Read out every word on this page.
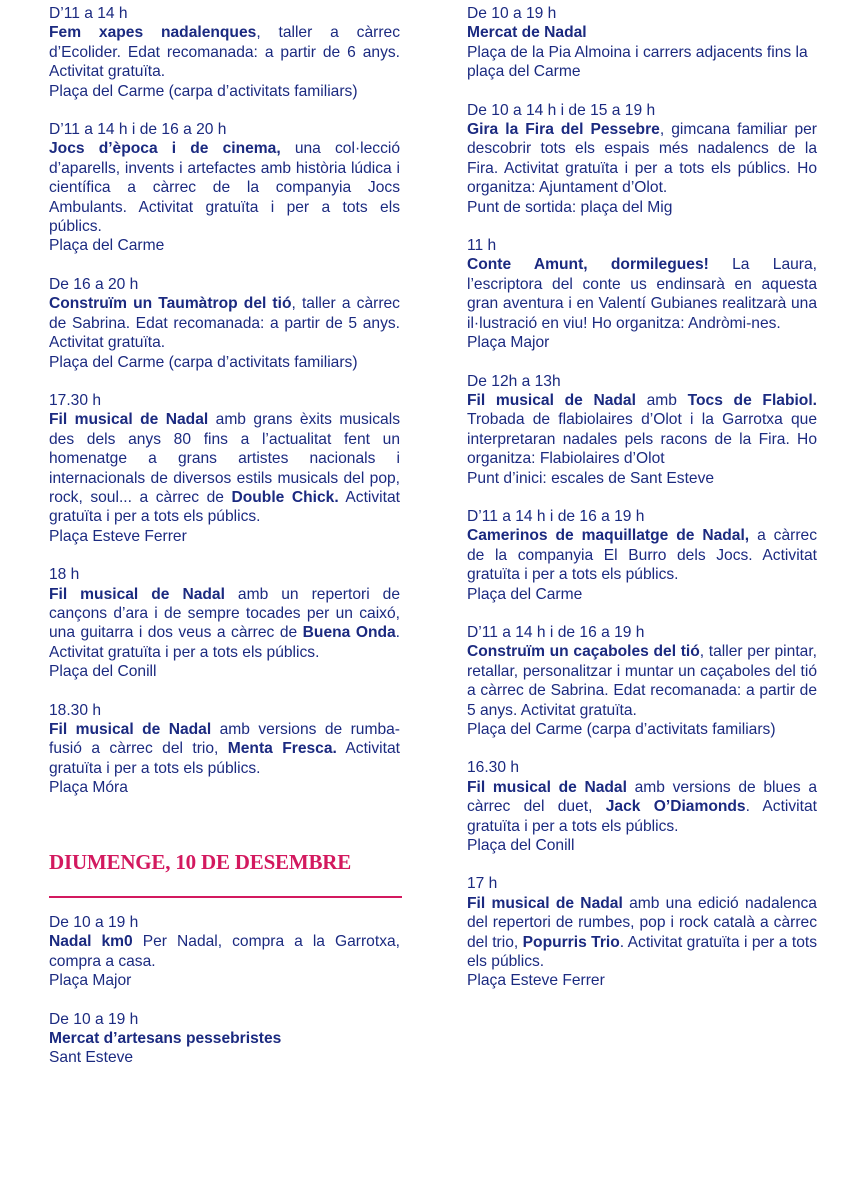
D’11 a 14 h
Fem xapes nadalenques, taller a càrrec d’Ecolider. Edat recomanada: a partir de 6 anys. Activitat gratuïta.
Plaça del Carme (carpa d’activitats familiars)
D’11 a 14 h i de 16 a 20 h
Jocs d’època i de cinema, una col·lecció d’aparells, invents i artefactes amb història lúdica i científica a càrrec de la companyia Jocs Ambulants. Activitat gratuïta i per a tots els públics.
Plaça del Carme
De 16 a 20 h
Construïm un Taumàtrop del tió, taller a càrrec de Sabrina. Edat recomanada: a partir de 5 anys. Activitat gratuïta.
Plaça del Carme (carpa d’activitats familiars)
17.30 h
Fil musical de Nadal amb grans èxits musicals des dels anys 80 fins a l’actualitat fent un homenatge a grans artistes nacionals i internacionals de diversos estils musicals del pop, rock, soul... a càrrec de Double Chick. Activitat gratuïta i per a tots els públics.
Plaça Esteve Ferrer
18 h
Fil musical de Nadal amb un repertori de cançons d’ara i de sempre tocades per un caixó, una guitarra i dos veus a càrrec de Buena Onda. Activitat gratuïta i per a tots els públics.
Plaça del Conill
18.30 h
Fil musical de Nadal amb versions de rumba-fusió a càrrec del trio, Menta Fresca. Activitat gratuïta i per a tots els públics.
Plaça Móra
DIUMENGE, 10 DE DESEMBRE
De 10 a 19 h
Nadal km0 Per Nadal, compra a la Garrotxa, compra a casa.
Plaça Major
De 10 a 19 h
Mercat d’artesans pessebristes
Sant Esteve
De 10 a 19 h
Mercat de Nadal
Plaça de la Pia Almoina i carrers adjacents fins la plaça del Carme
De 10 a 14 h i de 15 a 19 h
Gira la Fira del Pessebre, gimcana familiar per descobrir tots els espais més nadalencs de la Fira. Activitat gratuïta i per a tots els públics. Ho organitza: Ajuntament d’Olot.
Punt de sortida: plaça del Mig
11 h
Conte Amunt, dormilegues! La Laura, l’escriptora del conte us endinsarà en aquesta gran aventura i en Valentí Gubianes realitzarà una il·lustració en viu! Ho organitza: Andròmi-nes.
Plaça Major
De 12h a 13h
Fil musical de Nadal amb Tocs de Flabiol. Trobada de flabiolaires d’Olot i la Garrotxa que interpretaran nadales pels racons de la Fira. Ho organitza: Flabiolaires d’Olot
Punt d’inici: escales de Sant Esteve
D’11 a 14 h i de 16 a 19 h
Camerinos de maquillatge de Nadal, a càrrec de la companyia El Burro dels Jocs. Activitat gratuïta i per a tots els públics.
Plaça del Carme
D’11 a 14 h i de 16 a 19 h
Construïm un caçaboles del tió, taller per pintar, retallar, personalitzar i muntar un caçaboles del tió a càrrec de Sabrina. Edat recomanada: a partir de 5 anys. Activitat gratuïta.
Plaça del Carme (carpa d’activitats familiars)
16.30 h
Fil musical de Nadal amb versions de blues a càrrec del duet, Jack O’Diamonds. Activitat gratuïta i per a tots els públics.
Plaça del Conill
17 h
Fil musical de Nadal amb una edició nadalenca del repertori de rumbes, pop i rock català a càrrec del trio, Popurris Trio. Activitat gratuïta i per a tots els públics.
Plaça Esteve Ferrer
